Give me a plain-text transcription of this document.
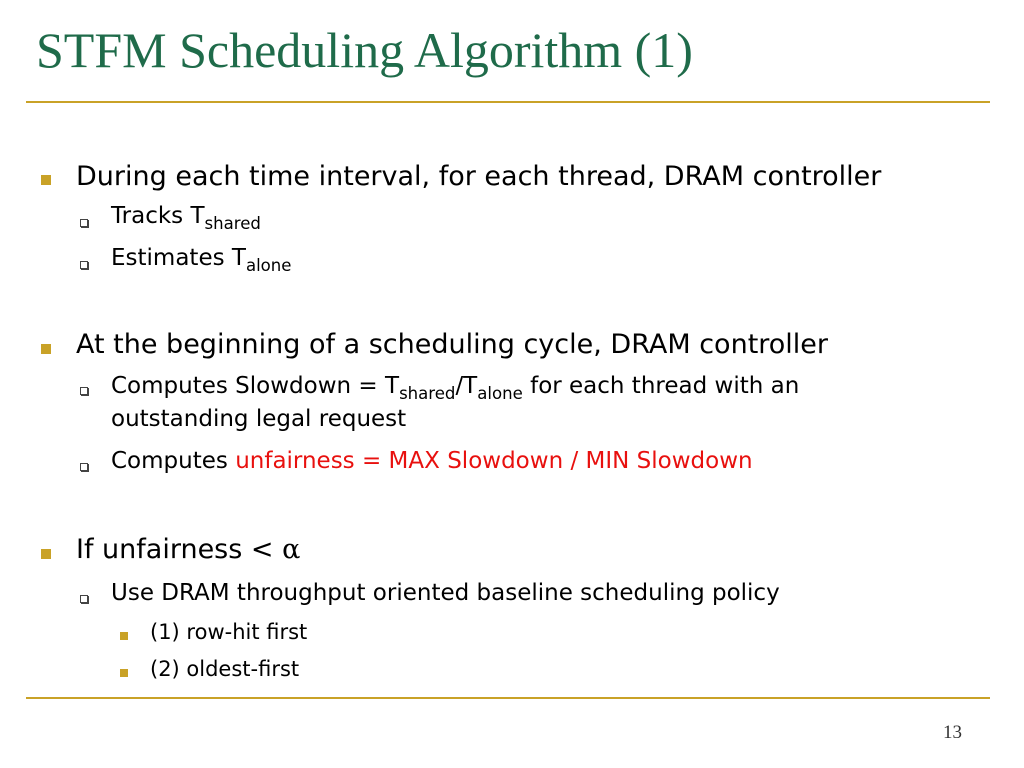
STFM Scheduling Algorithm (1)
During each time interval, for each thread, DRAM controller
Tracks $T_{shared}$
Estimates $T_{alone}$
At the beginning of a scheduling cycle, DRAM controller
Computes Slowdown = $T_{shared}/T_{alone}$ for each thread with an
outstanding legal request
Computes unfairness = MAX Slowdown / MIN Slowdown
If unfairness < α
Use DRAM throughput oriented baseline scheduling policy
(1) row-hit first
(2) oldest-first
13
